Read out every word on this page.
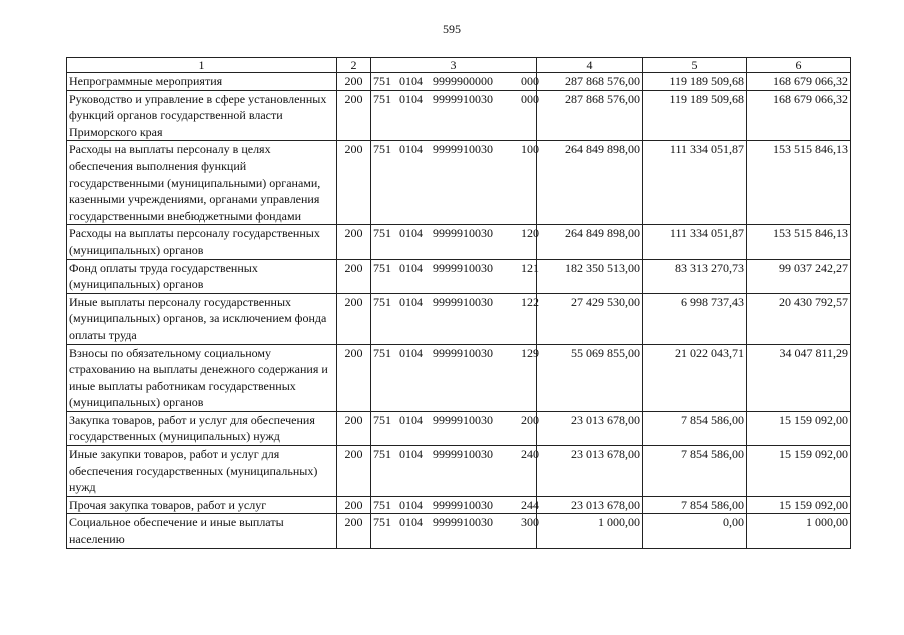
595
1	2	3	4	5	6
Непрограммные мероприятия	200	751 0104 9999900000 000	287 868 576,00	119 189 509,68	168 679 066,32
Руководство и управление в сфере установленных функций органов государственной власти Приморского края	200	751 0104 9999910030 000	287 868 576,00	119 189 509,68	168 679 066,32
Расходы на выплаты персоналу в целях обеспечения выполнения функций государственными (муниципальными) органами, казенными учреждениями, органами управления государственными внебюджетными фондами	200	751 0104 9999910030 100	264 849 898,00	111 334 051,87	153 515 846,13
Расходы на выплаты персоналу государственных (муниципальных) органов	200	751 0104 9999910030 120	264 849 898,00	111 334 051,87	153 515 846,13
Фонд оплаты труда государственных (муниципальных) органов	200	751 0104 9999910030 121	182 350 513,00	83 313 270,73	99 037 242,27
Иные выплаты персоналу государственных (муниципальных) органов, за исключением фонда оплаты труда	200	751 0104 9999910030 122	27 429 530,00	6 998 737,43	20 430 792,57
Взносы по обязательному социальному страхованию на выплаты денежного содержания и иные выплаты работникам государственных (муниципальных) органов	200	751 0104 9999910030 129	55 069 855,00	21 022 043,71	34 047 811,29
Закупка товаров, работ и услуг для обеспечения государственных (муниципальных) нужд	200	751 0104 9999910030 200	23 013 678,00	7 854 586,00	15 159 092,00
Иные закупки товаров, работ и услуг для обеспечения государственных (муниципальных) нужд	200	751 0104 9999910030 240	23 013 678,00	7 854 586,00	15 159 092,00
Прочая закупка товаров, работ и услуг	200	751 0104 9999910030 244	23 013 678,00	7 854 586,00	15 159 092,00
Социальное обеспечение и иные выплаты населению	200	751 0104 9999910030 300	1 000,00	0,00	1 000,00
